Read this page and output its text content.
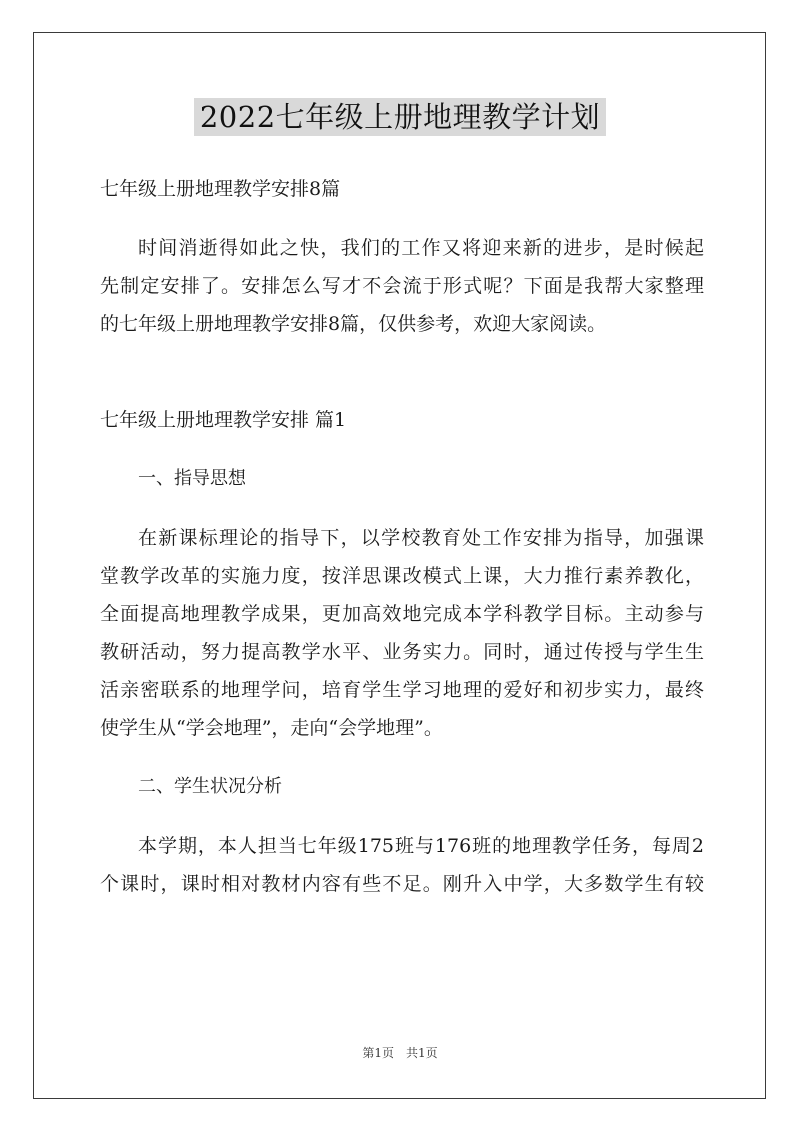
2022七年级上册地理教学计划
七年级上册地理教学安排8篇
时间消逝得如此之快，我们的工作又将迎来新的进步，是时候起
先制定安排了。安排怎么写才不会流于形式呢？下面是我帮大家整理
的七年级上册地理教学安排8篇，仅供参考，欢迎大家阅读。
七年级上册地理教学安排 篇1
一、指导思想
在新课标理论的指导下，以学校教育处工作安排为指导，加强课
堂教学改革的实施力度，按洋思课改模式上课，大力推行素养教化，
全面提高地理教学成果，更加高效地完成本学科教学目标。主动参与
教研活动，努力提高教学水平、业务实力。同时，通过传授与学生生
活亲密联系的地理学问，培育学生学习地理的爱好和初步实力，最终
使学生从“学会地理”，走向“会学地理”。
二、学生状况分析
本学期，本人担当七年级175班与176班的地理教学任务，每周2
个课时，课时相对教材内容有些不足。刚升入中学，大多数学生有较
第1页　共1页
